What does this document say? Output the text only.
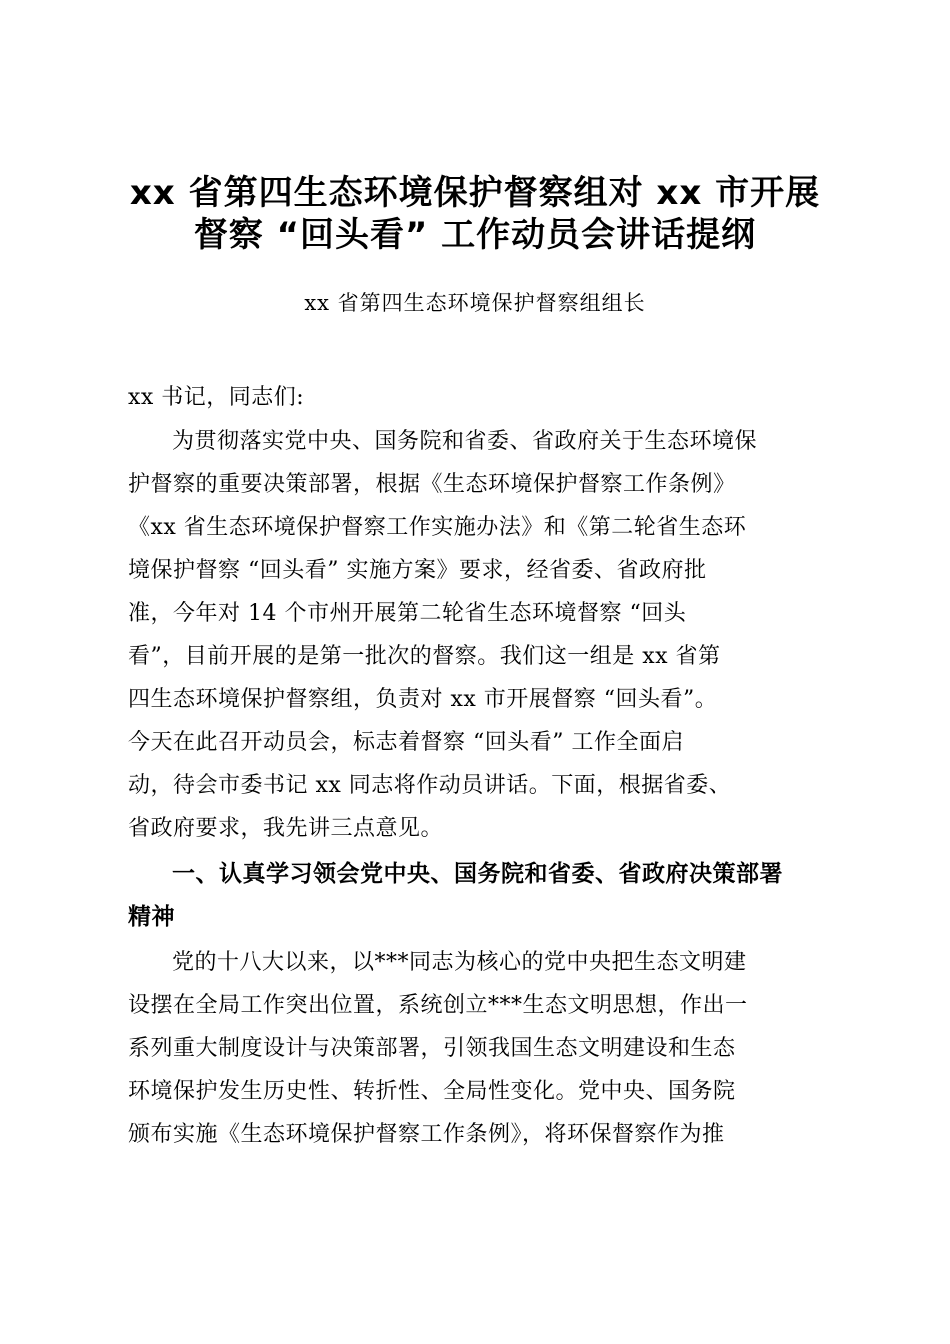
xx 省第四生态环境保护督察组对 xx 市开展
督察 “回头看” 工作动员会讲话提纲
xx 省第四生态环境保护督察组组长
xx 书记，同志们:
为贯彻落实党中央、国务院和省委、省政府关于生态环境保
护督察的重要决策部署，根据《生态环境保护督察工作条例》
《xx 省生态环境保护督察工作实施办法》和《第二轮省生态环
境保护督察 “回头看” 实施方案》要求，经省委、省政府批
准，今年对 14 个市州开展第二轮省生态环境督察 “回头
看”，目前开展的是第一批次的督察。我们这一组是 xx 省第
四生态环境保护督察组，负责对 xx 市开展督察 “回头看”。
今天在此召开动员会，标志着督察 “回头看” 工作全面启
动，待会市委书记 xx 同志将作动员讲话。下面，根据省委、
省政府要求，我先讲三点意见。
一、认真学习领会党中央、国务院和省委、省政府决策部署
精神
党的十八大以来，以***同志为核心的党中央把生态文明建
设摆在全局工作突出位置，系统创立***生态文明思想，作出一
系列重大制度设计与决策部署，引领我国生态文明建设和生态
环境保护发生历史性、转折性、全局性变化。党中央、国务院
颁布实施《生态环境保护督察工作条例》，将环保督察作为推
